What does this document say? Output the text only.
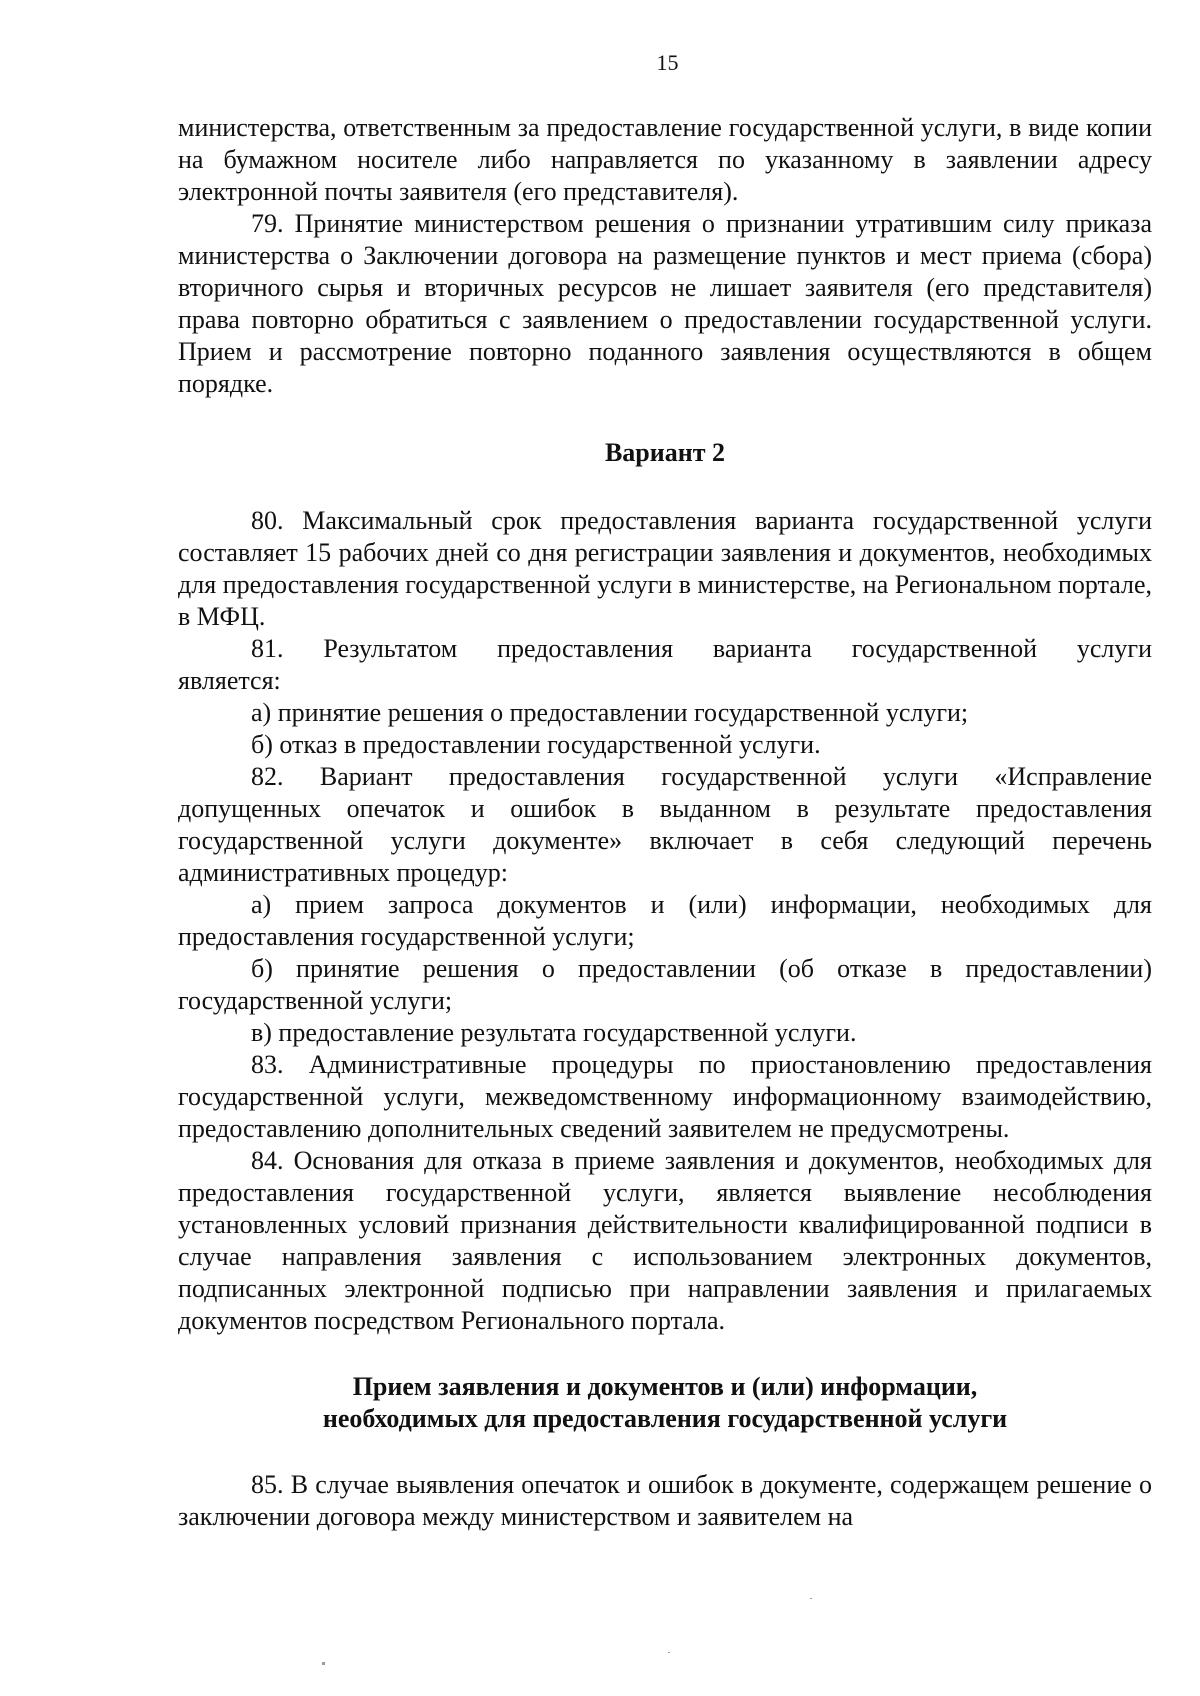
15

министерства, ответственным за предоставление государственной услуги, в виде копии на бумажном носителе либо направляется по указанному в заявлении адресу электронной почты заявителя (его представителя).

79. Принятие министерством решения о признании утратившим силу приказа министерства о Заключении договора на размещение пунктов и мест приема (сбора) вторичного сырья и вторичных ресурсов не лишает заявителя (его представителя) права повторно обратиться с заявлением о предоставлении государственной услуги. Прием и рассмотрение повторно поданного заявления осуществляются в общем порядке.

Вариант 2

80. Максимальный срок предоставления варианта государственной услуги составляет 15 рабочих дней со дня регистрации заявления и документов, необходимых для предоставления государственной услуги в министерстве, на Региональном портале, в МФЦ.

81. Результатом предоставления варианта государственной услуги

является:

а) принятие решения о предоставлении государственной услуги;

б) отказ в предоставлении государственной услуги.

82. Вариант предоставления государственной услуги «Исправление допущенных опечаток и ошибок в выданном в результате предоставления государственной услуги документе» включает в себя следующий перечень административных процедур:

а) прием запроса документов и (или) информации, необходимых для предоставления государственной услуги;

б) принятие решения о предоставлении (об отказе в предоставлении) государственной услуги;

в) предоставление результата государственной услуги.

83. Административные процедуры по приостановлению предоставления государственной услуги, межведомственному информационному взаимодействию, предоставлению дополнительных сведений заявителем не предусмотрены.

84. Основания для отказа в приеме заявления и документов, необходимых для предоставления государственной услуги, является выявление несоблюдения установленных условий признания действительности квалифицированной подписи в случае направления заявления с использованием электронных документов, подписанных электронной подписью при направлении заявления и прилагаемых документов посредством Регионального портала.

Прием заявления и документов и (или) информации,
необходимых для предоставления государственной услуги

85. В случае выявления опечаток и ошибок в документе, содержащем решение о заключении договора между министерством и заявителем на
